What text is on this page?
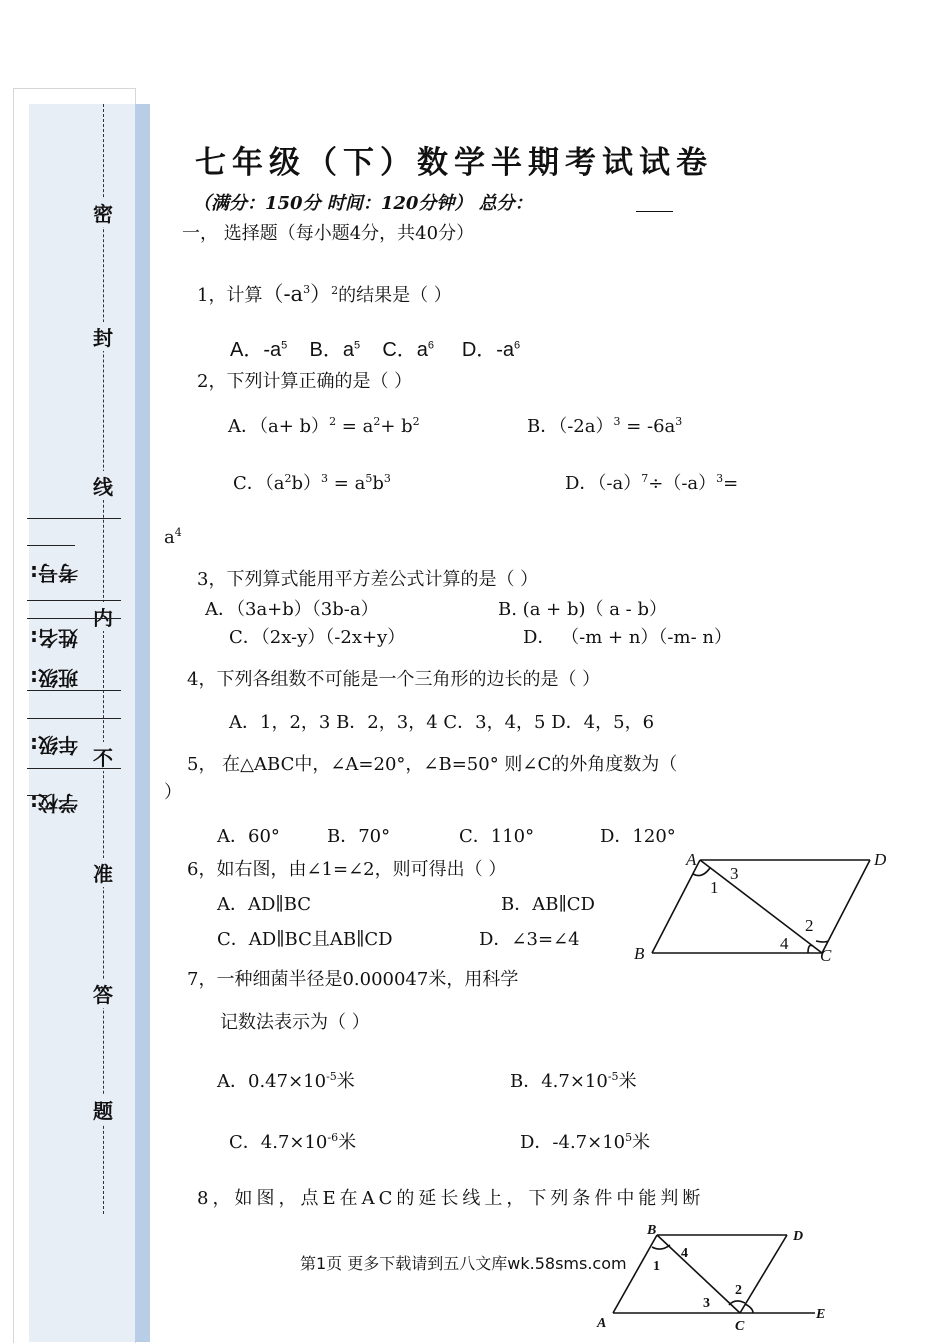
密
封
线
内
不
准
答
题
考号:
姓名:
班级:
年级:
学校:
七年级（下）数学半期考试试卷
（满分：150分 时间：120分钟） 总分：
一， 选择题（每小题4分，共40分）
1，计算$(-a^3)^2$的结果是（ ）
A．$-a^5$ B．$a^5$ C．$a^6$ D．$-a^6$
2，下列计算正确的是（ ）
A．$(a+ b)^2 = a^2+ b^2$	B．$(-2a)^3 = -6a^3$
C．$(a^2b)^3 = a^5b^3$	D．$(-a)^7\div(-a)^3=$
$a^4$
3，下列算式能用平方差公式计算的是（ ）
A．（3a+b）（3b-a）	B. (a + b)（ a - b）
C．（2x-y）（-2x+y）	D． （-m + n）（-m- n）
4，下列各组数不可能是一个三角形的边长的是（ ）
A．1，2，3 B．2，3，4 C．3，4，5 D．4，5，6
5， 在△ABC中，∠A=20°，∠B=50° 则∠C的外角度数为（
）
A．60°	B．70°	C．110°	D．120°
6，如右图，由∠1=∠2，则可得出（ ）
A．AD∥BC	B．AB∥CD
C．AD∥BC且AB∥CD	D．∠3=∠4
A	D
B	C
1
2
3
4
7，一种细菌半径是0.000047米，用科学
记数法表示为（ ）
A．$0.47\times 10^{-5}$米	B．$4.7\times 10^{-5}$米
C．$4.7\times 10^{-6}$米	D．$-4.7\times 10^5$米
8，如图，点E在AC的延长线上，下列条件中能判断
B	D
A	C
E
1
2
3
4
第1页 更多下载请到五八文库wk.58sms.com
